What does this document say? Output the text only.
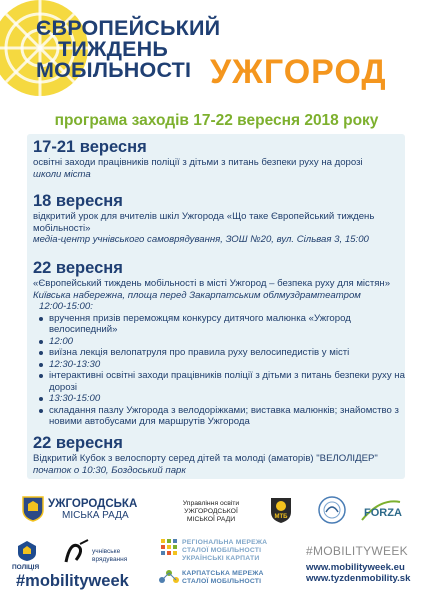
ЄВРОПЕЙСЬКИЙ

ТИЖДЕНЬ
МОБІЛЬНОСТІ УЖГОРОД
програма заходів 17-22 вересня 2018 року
17-21 вересня
освітні заходи працівників поліції з дітьми з питань безпеки руху на дорозі
школи міста
18 вересня
відкритий урок для вчителів шкіл Ужгорода «Що таке Європейський тиждень мобільності»
медіа-центр учнівського самоврядування, ЗОШ №20, вул. Сільвая 3, 15:00
22 вересня
«Європейський тиждень мобільності в місті Ужгород – безпека руху для містян»
Київська набережна, площа перед Закарпатським облмуздрамтеатром
12:00-15:00:
вручення призів переможцям конкурсу дитячого малюнка «Ужгород велосипедний»
12:00
виїзна лекція велопатруля про правила руху велосипедистів у місті
12:30-13:30
інтерактивні освітні заходи працівників поліції з дітьми з питань безпеки руху на дорозі
13:30-15:00
складання пазлу Ужгорода з велодоріжками; виставка малюнків; знайомство з новими автобусами для маршрутів Ужгорода
22 вересня
Відкритий Кубок з велоспорту серед дітей та молоді (аматорів) "ВЕЛОЛІДЕР"
початок о 10:30, Боздоський парк
УЖГОРОДСЬКА
МІСЬКА РАДА
Управління освіти
УЖГОРОДСЬКОЇ
МІСЬКОЇ РАДИ	МТБ	FORZA
ПОЛІЦІЯ
учнівське
врядування
РЕГІОНАЛЬНА МЕРЕЖА
СТАЛОЇ МОБІЛЬНОСТІ
УКРАЇНСЬКІ КАРПАТИ
КАРПАТСЬКА МЕРЕЖА
СТАЛОЇ МОБІЛЬНОСТІ
#mobilityweek
#MOBILITYWEEK
www.mobilityweek.eu
www.tyzdenmobility.sk
